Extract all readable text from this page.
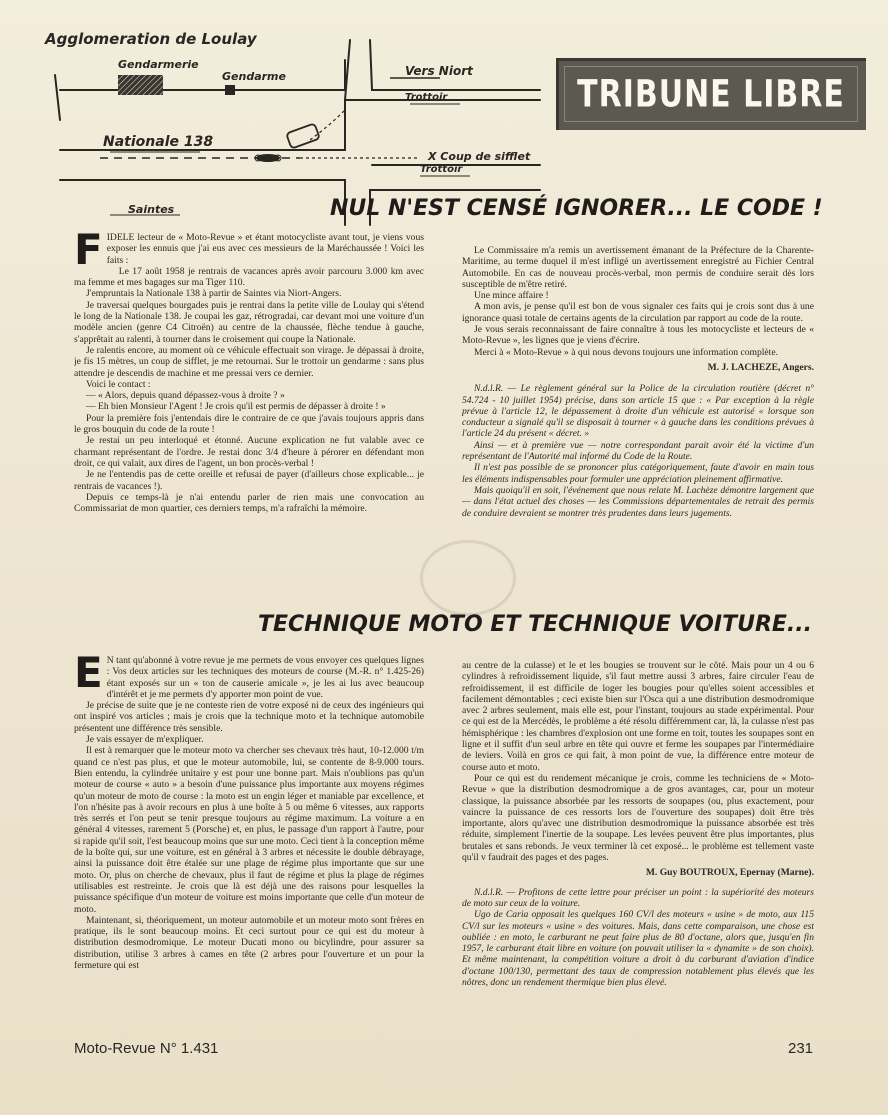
Agglomeration de Loulay
Gendarmerie
Gendarme	Vers Niort
Trottoir
Nationale 138
X Coup de sifflet
Trottoir
Saintes
TRIBUNE LIBRE
NUL N'EST CENSÉ IGNORER... LE CODE !
F IDELE lecteur de « Moto-Revue » et étant motocycliste avant tout, je viens vous exposer les ennuis que j'ai eus avec ces messieurs de la Maréchaussée ! Voici les faits :

Le 17 août 1958 je rentrais de vacances après avoir parcouru 3.000 km avec ma femme et mes bagages sur ma Tiger 110.

J'empruntais la Nationale 138 à partir de Saintes via Niort-Angers.

Je traversai quelques bourgades puis je rentrai dans la petite ville de Loulay qui s'étend le long de la Nationale 138. Je coupai les gaz, rétrogradai, car devant moi une voiture d'un modèle ancien (genre C4 Citroën) au centre de la chaussée, flèche tendue à gauche, s'apprêtait au ralenti, à tourner dans le croisement qui coupe la Nationale.

Je ralentis encore, au moment où ce véhicule effectuait son virage. Je dépassai à droite, je fis 15 mètres, un coup de sifflet, je me retournai. Sur le trottoir un gendarme : sans plus attendre je descendis de machine et me pressai vers ce dernier.

Voici le contact :

— « Alors, depuis quand dépassez-vous à droite ? »

— Eh bien Monsieur l'Agent ! Je crois qu'il est permis de dépasser à droite ! »

Pour la première fois j'entendais dire le contraire de ce que j'avais toujours appris dans le gros bouquin du code de la route !

Je restai un peu interloqué et étonné. Aucune explication ne fut valable avec ce charmant représentant de l'ordre. Je restai donc 3/4 d'heure à pérorer en défendant mon droit, ce qui valait, aux dires de l'agent, un bon procès-verbal !

Je ne l'entendis pas de cette oreille et refusai de payer (d'ailleurs chose explicable... je rentrais de vacances !).

Depuis ce temps-là je n'ai entendu parler de rien mais une convocation au Commissariat de mon quartier, ces derniers temps, m'a rafraîchi la mémoire.

Le Commissaire m'a remis un avertissement émanant de la Préfecture de la Charente-Maritime, au terme duquel il m'est infligé un avertissement enregistré au Fichier Central Automobile. En cas de nouveau procès-verbal, mon permis de conduire serait dès lors susceptible de m'être retiré.

Une mince affaire !

A mon avis, je pense qu'il est bon de vous signaler ces faits qui je crois sont dus à une ignorance quasi totale de certains agents de la circulation par rapport au code de la route.

Je vous serais reconnaissant de faire connaître à tous les motocycliste et lecteurs de « Moto-Revue », les lignes que je viens d'écrire.

Merci à « Moto-Revue » à qui nous devons toujours une information complète.

M. J. LACHEZE, Angers.

N.d.l.R. — Le règlement général sur la Police de la circulation routière (décret n° 54.724 - 10 juillet 1954) précise, dans son article 15 que : « Par exception à la règle prévue à l'article 12, le dépassement à droite d'un véhicule est autorisé « lorsque son conducteur a signalé qu'il se disposait à tourner « à gauche dans les conditions prévues à l'article 24 du présent « décret. »

Ainsi — et à première vue — notre correspondant parait avoir été la victime d'un représentant de l'Autorité mal informé du Code de la Route.

Il n'est pas possible de se prononcer plus catégoriquement, faute d'avoir en main tous les éléments indispensables pour formuler une appréciation pleinement affirmative.

Mais quoiqu'il en soit, l'événement que nous relate M. Lachèze démontre largement que — dans l'état actuel des choses — les Commissions départementales de retrait des permis de conduire devraient se montrer très prudentes dans leurs jugements.

TECHNIQUE MOTO ET TECHNIQUE VOITURE...
E N tant qu'abonné à votre revue je me permets de vous envoyer ces quelques lignes : Vos deux articles sur les techniques des moteurs de course (M.-R. n° 1.425-26) étant exposés sur un « ton de causerie amicale », je les ai lus avec beaucoup d'intérêt et je me permets d'y apporter mon point de vue.

Je précise de suite que je ne conteste rien de votre exposé ni de ceux des ingénieurs qui ont inspiré vos articles ; mais je crois que la technique moto et la technique automobile présentent une différence très sensible.

Je vais essayer de m'expliquer.

Il est à remarquer que le moteur moto va chercher ses chevaux très haut, 10-12.000 t/m quand ce n'est pas plus, et que le moteur automobile, lui, se contente de 8-9.000 tours. Bien entendu, la cylindrée unitaire y est pour une bonne part. Mais n'oublions pas qu'un moteur de course « auto » a besoin d'une puissance plus importante aux moyens régimes qu'un moteur de moto de course : la moto est un engin léger et maniable par excellence, et l'on n'hésite pas à avoir recours en plus à une boîte à 5 ou même 6 vitesses, aux rapports très serrés et l'on peut se tenir presque toujours au régime maximum. La voiture a en général 4 vitesses, rarement 5 (Porsche) et, en plus, le passage d'un rapport à l'autre, pour si rapide qu'il soit, l'est beaucoup moins que sur une moto. Ceci tient à la conception même de la boîte qui, sur une voiture, est en général à 3 arbres et nécessite le double débrayage, ainsi la puissance doit être étalée sur une plage de régime plus importante que sur une moto. Or, plus on cherche de chevaux, plus il faut de régime et plus la plage de régimes utilisables est restreinte. Je crois que là est déjà une des raisons pour lesquelles la puissance spécifique d'un moteur de voiture est moins importante que celle d'un moteur de moto.

Maintenant, si, théoriquement, un moteur automobile et un moteur moto sont frères en pratique, ils le sont beaucoup moins. Et ceci surtout pour ce qui est du moteur à distribution desmodromique. Le moteur Ducati mono ou bicylindre, pour assurer sa distribution, utilise 3 arbres à cames en tête (2 arbres pour l'ouverture et un pour la fermeture qui est

au centre de la culasse) et le et les bougies se trouvent sur le côté. Mais pour un 4 ou 6 cylindres à refroidissement liquide, s'il faut mettre aussi 3 arbres, faire circuler l'eau de refroidissement, il est difficile de loger les bougies pour qu'elles soient accessibles et facilement démontables ; ceci existe bien sur l'Osca qui a une distribution desmodromique avec 2 arbres seulement, mais elle est, pour l'instant, toujours au stade expérimental. Pour ce qui est de la Mercédès, le problème a été résolu différemment car, là, la culasse n'est pas hémisphérique : les chambres d'explosion ont une forme en toit, toutes les soupapes sont en ligne et il suffit d'un seul arbre en tête qui ouvre et ferme les soupapes par l'intermédiaire de leviers. Voilà en gros ce qui fait, à mon point de vue, la différence entre moteur de course auto et moto.

Pour ce qui est du rendement mécanique je crois, comme les techniciens de « Moto-Revue » que la distribution desmodromique a de gros avantages, car, pour un moteur classique, la puissance absorbée par les ressorts de soupapes (ou, plus exactement, pour vaincre la puissance de ces ressorts lors de l'ouverture des soupapes) doit être très importante, alors qu'avec une distribution desmodromique la puissance absorbée est très réduite, simplement l'inertie de la soupape. Les levées peuvent être plus importantes, plus brutales et sans rebonds. Je veux terminer là cet exposé... le problème est tellement vaste qu'il v faudrait des pages et des pages.

M. Guy BOUTROUX, Epernay (Marne).

N.d.l.R. — Profitons de cette lettre pour préciser un point : la supériorité des moteurs de moto sur ceux de la voiture.

Ugo de Caria opposait les quelques 160 CV/l des moteurs « usine » de moto, aux 115 CV/l sur les moteurs « usine » des voitures. Mais, dans cette comparaison, une chose est oubliée : en moto, le carburant ne peut faire plus de 80 d'octane, alors que, jusqu'en fin 1957, le carburant était libre en voiture (on pouvait utiliser la « dynamite » de son choix). Et même maintenant, la compétition voiture a droit à du carburant d'aviation d'indice d'octane 100/130, permettant des taux de compression notablement plus élevés que les nôtres, donc un rendement thermique bien plus élevé.

Moto-Revue N° 1.431	231
